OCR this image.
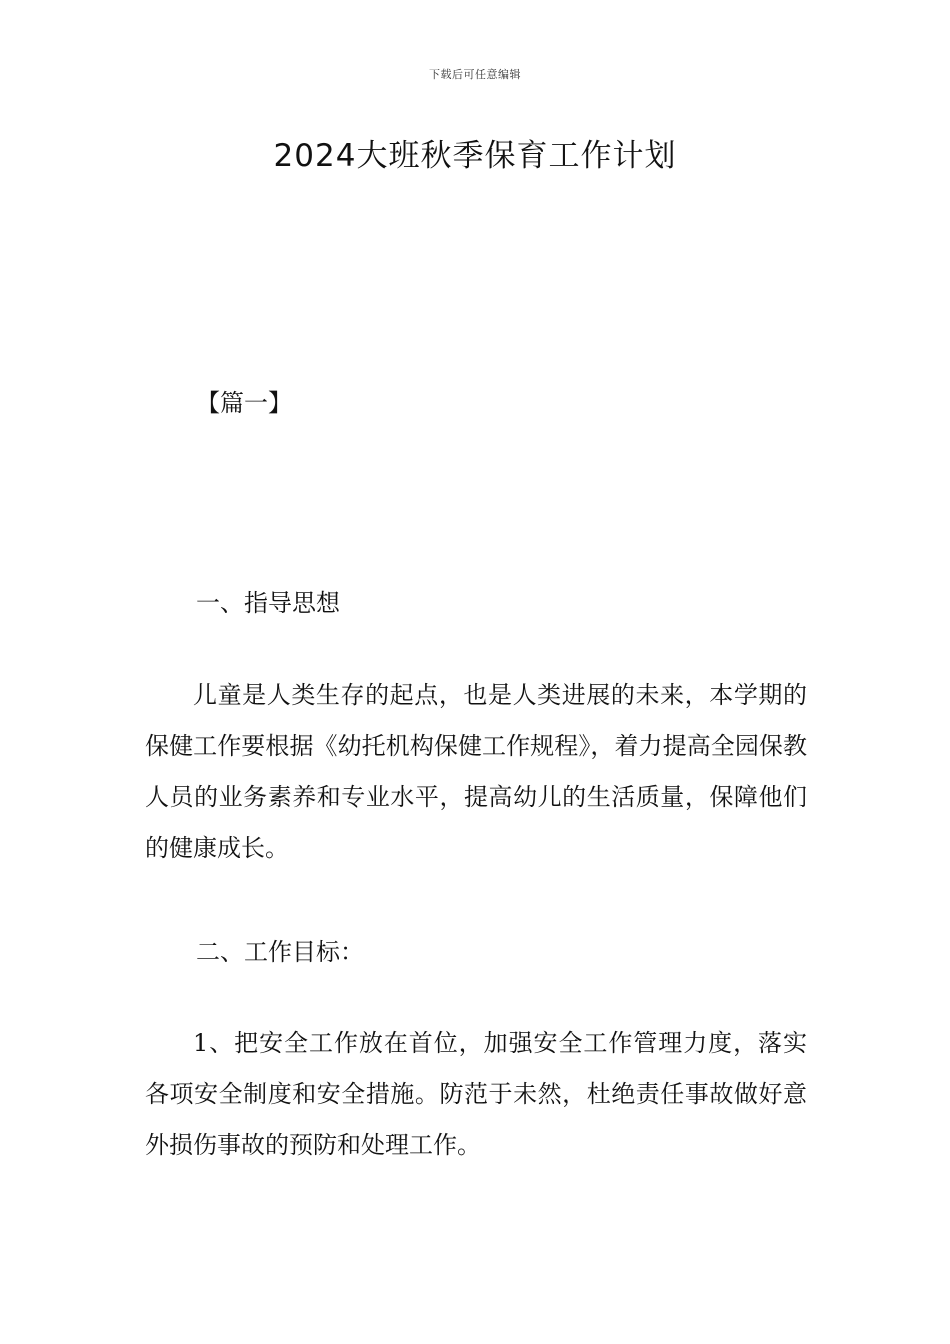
下载后可任意编辑
2024大班秋季保育工作计划

【篇一】

一、指导思想

儿童是人类生存的起点，也是人类进展的未来，本学期的保健工作要根据《幼托机构保健工作规程》，着力提高全园保教人员的业务素养和专业水平，提高幼儿的生活质量，保障他们的健康成长。

二、工作目标：

1、把安全工作放在首位，加强安全工作管理力度，落实各项安全制度和安全措施。防范于未然，杜绝责任事故做好意外损伤事故的预防和处理工作。
